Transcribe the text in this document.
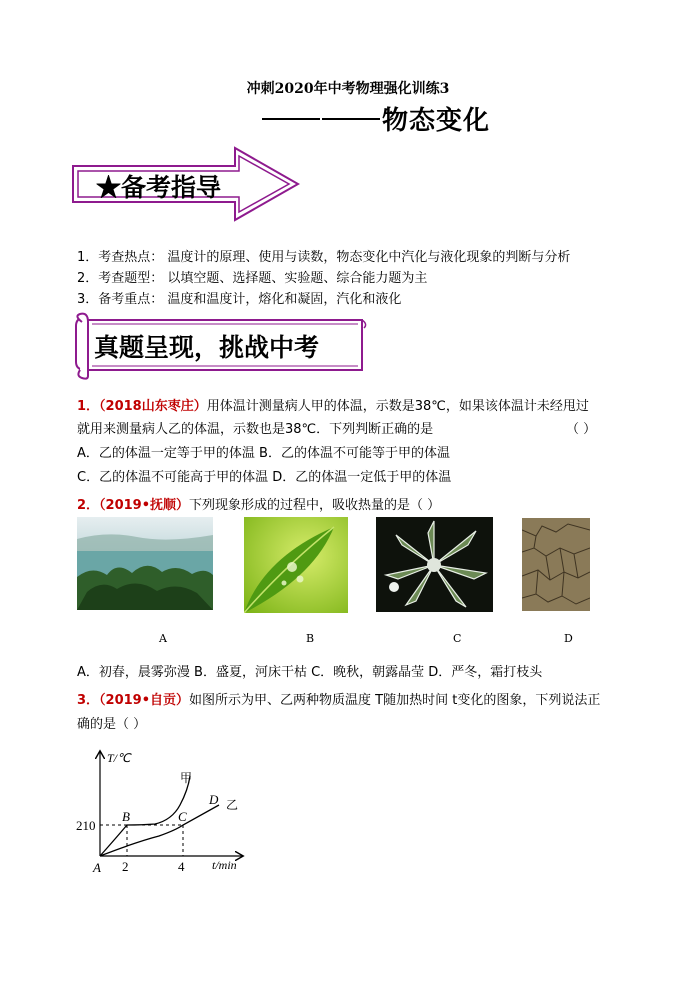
冲刺2020年中考物理强化训练3
物态变化
★备考指导
1．考查热点： 温度计的原理、使用与读数，物态变化中汽化与液化现象的判断与分析
2．考查题型： 以填空题、选择题、实验题、综合能力题为主
3．备考重点： 温度和温度计，熔化和凝固，汽化和液化
真题呈现，挑战中考
1．（2018山东枣庄）用体温计测量病人甲的体温，示数是38℃，如果该体温计未经甩过
就用来测量病人乙的体温，示数也是38℃．下列判断正确的是	（ ）
A．乙的体温一定等于甲的体温 B．乙的体温不可能等于甲的体温
C．乙的体温不可能高于甲的体温 D．乙的体温一定低于甲的体温
2．（2019•抚顺）下列现象形成的过程中，吸收热量的是（ ）
A	B	C	D
A．初春，晨雾弥漫 B．盛夏，河床干枯 C．晚秋，朝露晶莹 D．严冬，霜打枝头
3．（2019•自贡）如图所示为甲、乙两种物质温度 T随加热时间 t变化的图象，下列说法正
确的是（ ）
T/℃
t/min
210
2	4
A
B	C
D
甲
乙
